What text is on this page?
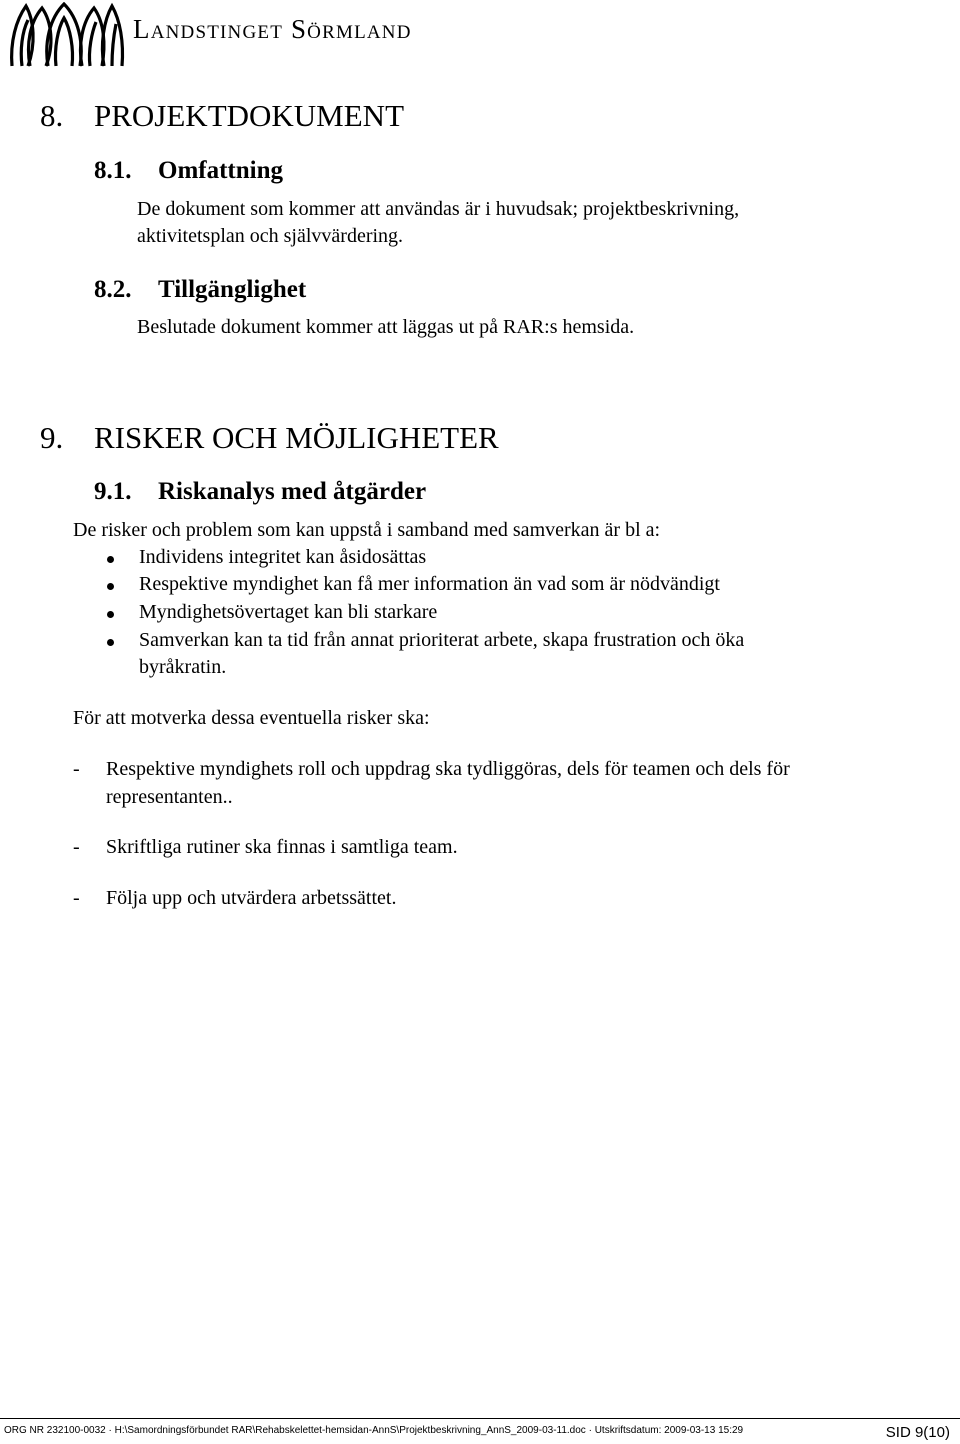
Landstinget Sörmland
8. PROJEKTDOKUMENT
8.1. Omfattning
De dokument som kommer att användas är i huvudsak; projektbeskrivning,
aktivitetsplan och självvärdering.
8.2. Tillgänglighet
Beslutade dokument kommer att läggas ut på RAR:s hemsida.
9. RISKER OCH MÖJLIGHETER
9.1. Riskanalys med åtgärder
De risker och problem som kan uppstå i samband med samverkan är bl a:
Individens integritet kan åsidosättas
Respektive myndighet kan få mer information än vad som är nödvändigt
Myndighetsövertaget kan bli starkare
Samverkan kan ta tid från annat prioriterat arbete, skapa frustration och öka
byråkratin.
För att motverka dessa eventuella risker ska:
- Respektive myndighets roll och uppdrag ska tydliggöras, dels för teamen och dels för
representanten..
- Skriftliga rutiner ska finnas i samtliga team.
- Följa upp och utvärdera arbetssättet.
ORG NR 232100-0032 · H:\Samordningsförbundet RAR\Rehabskelettet-hemsidan-AnnS\Projektbeskrivning_AnnS_2009-03-11.doc · Utskriftsdatum: 2009-03-13 15:29	SID 9(10)
